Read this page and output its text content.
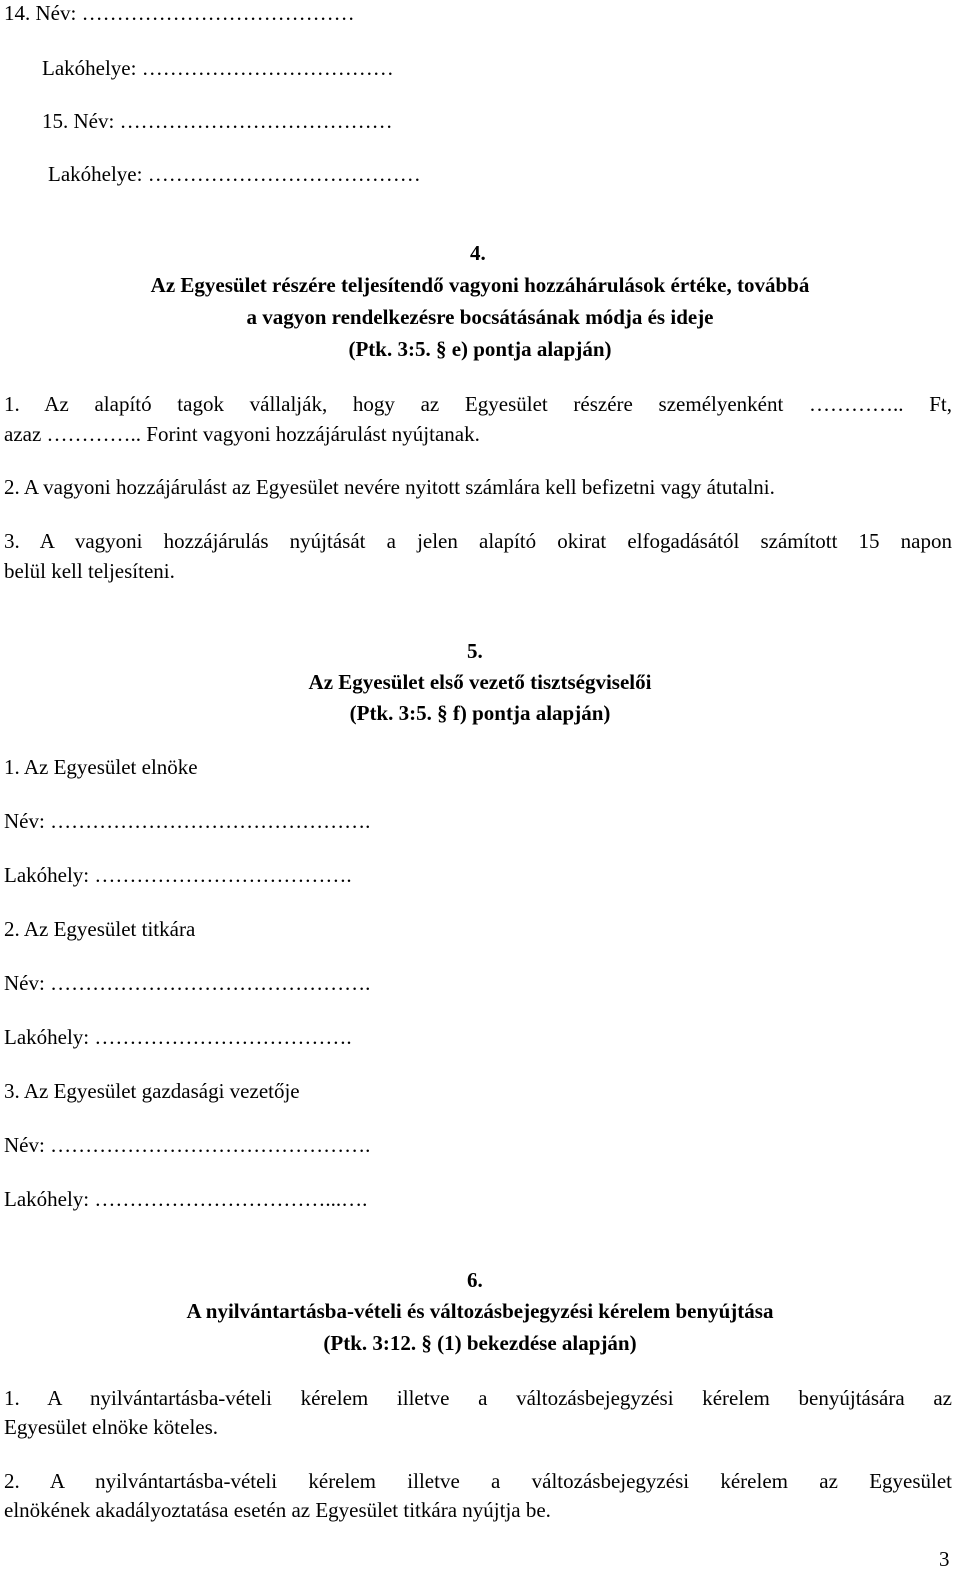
14. Név: …………………………………
Lakóhelye: ………………………………
15. Név: …………………………………
Lakóhelye: …………………………………
4.
Az Egyesület részére teljesítendő vagyoni hozzáhárulások értéke, továbbá
a vagyon rendelkezésre bocsátásának módja és ideje
(Ptk. 3:5. § e) pontja alapján)
1. Az alapító tagok vállalják, hogy az Egyesület részére személyenként ………….. Ft,
azaz ………….. Forint vagyoni hozzájárulást nyújtanak.
2. A vagyoni hozzájárulást az Egyesület nevére nyitott számlára kell befizetni vagy átutalni.
3. A vagyoni hozzájárulás nyújtását a jelen alapító okirat elfogadásától számított 15 napon
belül kell teljesíteni.
5.
Az Egyesület első vezető tisztségviselői
(Ptk. 3:5. § f) pontja alapján)
1. Az Egyesület elnöke
Név: ……………………………………….
Lakóhely: ……………………………….
2. Az Egyesület titkára
Név: ……………………………………….
Lakóhely: ……………………………….
3. Az Egyesület gazdasági vezetője
Név: ……………………………………….
Lakóhely: ……………………………...….
6.
A nyilvántartásba-vételi és változásbejegyzési kérelem benyújtása
(Ptk. 3:12. § (1) bekezdése alapján)
1. A nyilvántartásba-vételi kérelem illetve a változásbejegyzési kérelem benyújtására az
Egyesület elnöke köteles.
2. A nyilvántartásba-vételi kérelem illetve a változásbejegyzési kérelem az Egyesület
elnökének akadályoztatása esetén az Egyesület titkára nyújtja be.
3
